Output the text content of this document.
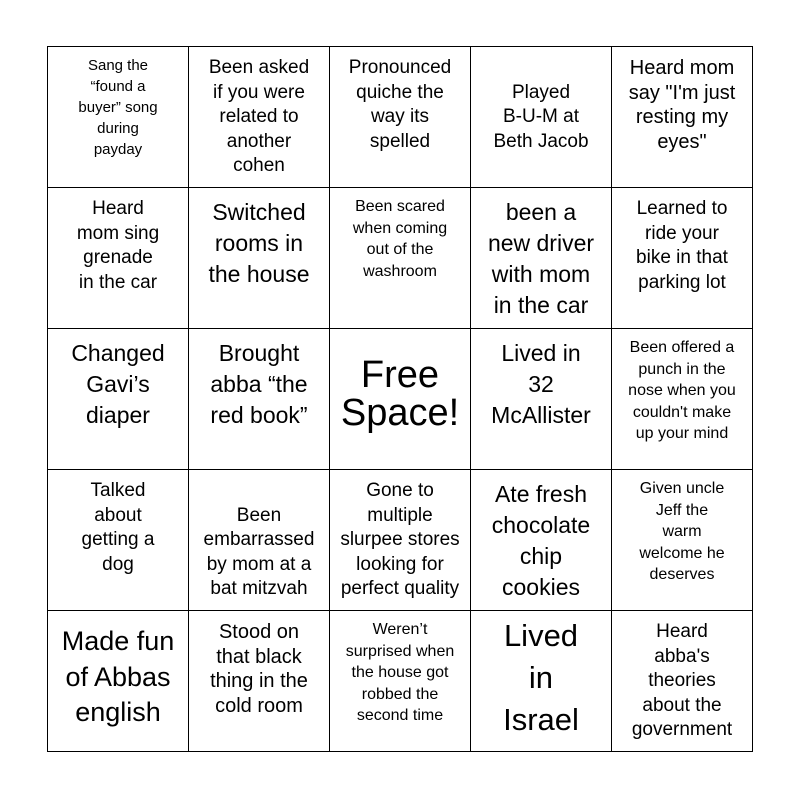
Sang the
“found a
buyer” song
during
payday
Been asked
if you were
related to
another
cohen
Pronounced
quiche the
way its
spelled

Played
B-U-M at
Beth Jacob
Heard mom
say "I'm just
resting my
eyes"
Heard
mom sing
grenade
in the car
Switched
rooms in
the house
Been scared
when coming
out of the
washroom
been a
new driver
with mom
in the car
Learned to
ride your
bike in that
parking lot
Changed
Gavi’s
diaper
Brought
abba “the
red book”
Free
Space!
Lived in
32
McAllister
Been offered a
punch in the
nose when you
couldn't make
up your mind
Talked
about
getting a
dog

Been
embarrassed
by mom at a
bat mitzvah
Gone to
multiple
slurpee stores
looking for
perfect quality
Ate fresh
chocolate
chip
cookies
Given uncle
Jeff the
warm
welcome he
deserves
Made fun
of Abbas
english
Stood on
that black
thing in the
cold room
Weren’t
surprised when
the house got
robbed the
second time
Lived
in
Israel
Heard
abba's
theories
about the
government
